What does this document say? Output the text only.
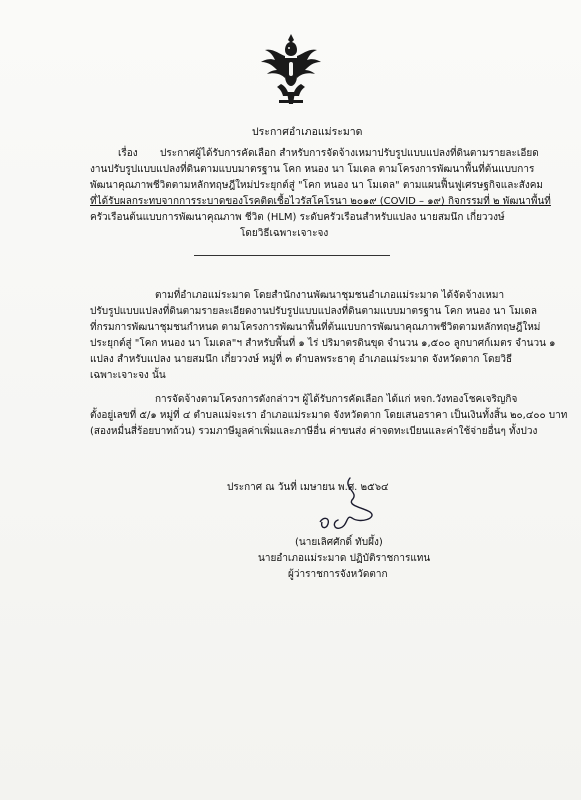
ประกาศอำเภอแม่ระมาด
เรื่อง ประกาศผู้ได้รับการคัดเลือก สำหรับการจัดจ้างเหมาปรับรูปแบบแปลงที่ดินตามรายละเอียด
งานปรับรูปแบบแปลงที่ดินตามแบบมาตรฐาน โคก หนอง นา โมเดล ตามโครงการพัฒนาพื้นที่ต้นแบบการ
พัฒนาคุณภาพชีวิตตามหลักทฤษฎีใหม่ประยุกต์สู่ "โคก หนอง นา โมเดล" ตามแผนฟื้นฟูเศรษฐกิจและสังคม
ที่ได้รับผลกระทบจากการระบาดของโรคติดเชื้อไวรัสโคโรนา ๒๐๑๙ (COVID – ๑๙) กิจกรรมที่ ๒ พัฒนาพื้นที่
ครัวเรือนต้นแบบการพัฒนาคุณภาพ ชีวิต (HLM) ระดับครัวเรือนสำหรับแปลง นายสมนึก เกี่ยววงษ์
โดยวิธีเฉพาะเจาะจง
ตามที่อำเภอแม่ระมาด โดยสำนักงานพัฒนาชุมชนอำเภอแม่ระมาด ได้จัดจ้างเหมา
ปรับรูปแบบแปลงที่ดินตามรายละเอียดงานปรับรูปแบบแปลงที่ดินตามแบบมาตรฐาน โคก หนอง นา โมเดล
ที่กรมการพัฒนาชุมชนกำหนด ตามโครงการพัฒนาพื้นที่ต้นแบบการพัฒนาคุณภาพชีวิตตามหลักทฤษฎีใหม่
ประยุกต์สู่ "โคก หนอง นา โมเดล"ฯ สำหรับพื้นที่ ๑ ไร่ ปริมาตรดินขุด จำนวน ๑,๕๐๐ ลูกบาศก์เมตร จำนวน ๑
แปลง สำหรับแปลง นายสมนึก เกี่ยววงษ์ หมู่ที่ ๓ ตำบลพระธาตุ อำเภอแม่ระมาด จังหวัดตาก โดยวิธี
เฉพาะเจาะจง นั้น
การจัดจ้างตามโครงการดังกล่าวฯ ผู้ได้รับการคัดเลือก ได้แก่ หจก.วังทองโชคเจริญกิจ
ตั้งอยู่เลขที่ ๕/๑ หมู่ที่ ๔ ตำบลแม่จะเรา อำเภอแม่ระมาด จังหวัดตาก โดยเสนอราคา เป็นเงินทั้งสิ้น ๒๐,๔๐๐ บาท
(สองหมื่นสี่ร้อยบาทถ้วน) รวมภาษีมูลค่าเพิ่มและภาษีอื่น ค่าขนส่ง ค่าจดทะเบียนและค่าใช้จ่ายอื่นๆ ทั้งปวง
ประกาศ ณ วันที่ เมษายน พ.ศ. ๒๕๖๔
(นายเลิศศักดิ์ ทับผึ้ง)
นายอำเภอแม่ระมาด ปฏิบัติราชการแทน
ผู้ว่าราชการจังหวัดตาก
